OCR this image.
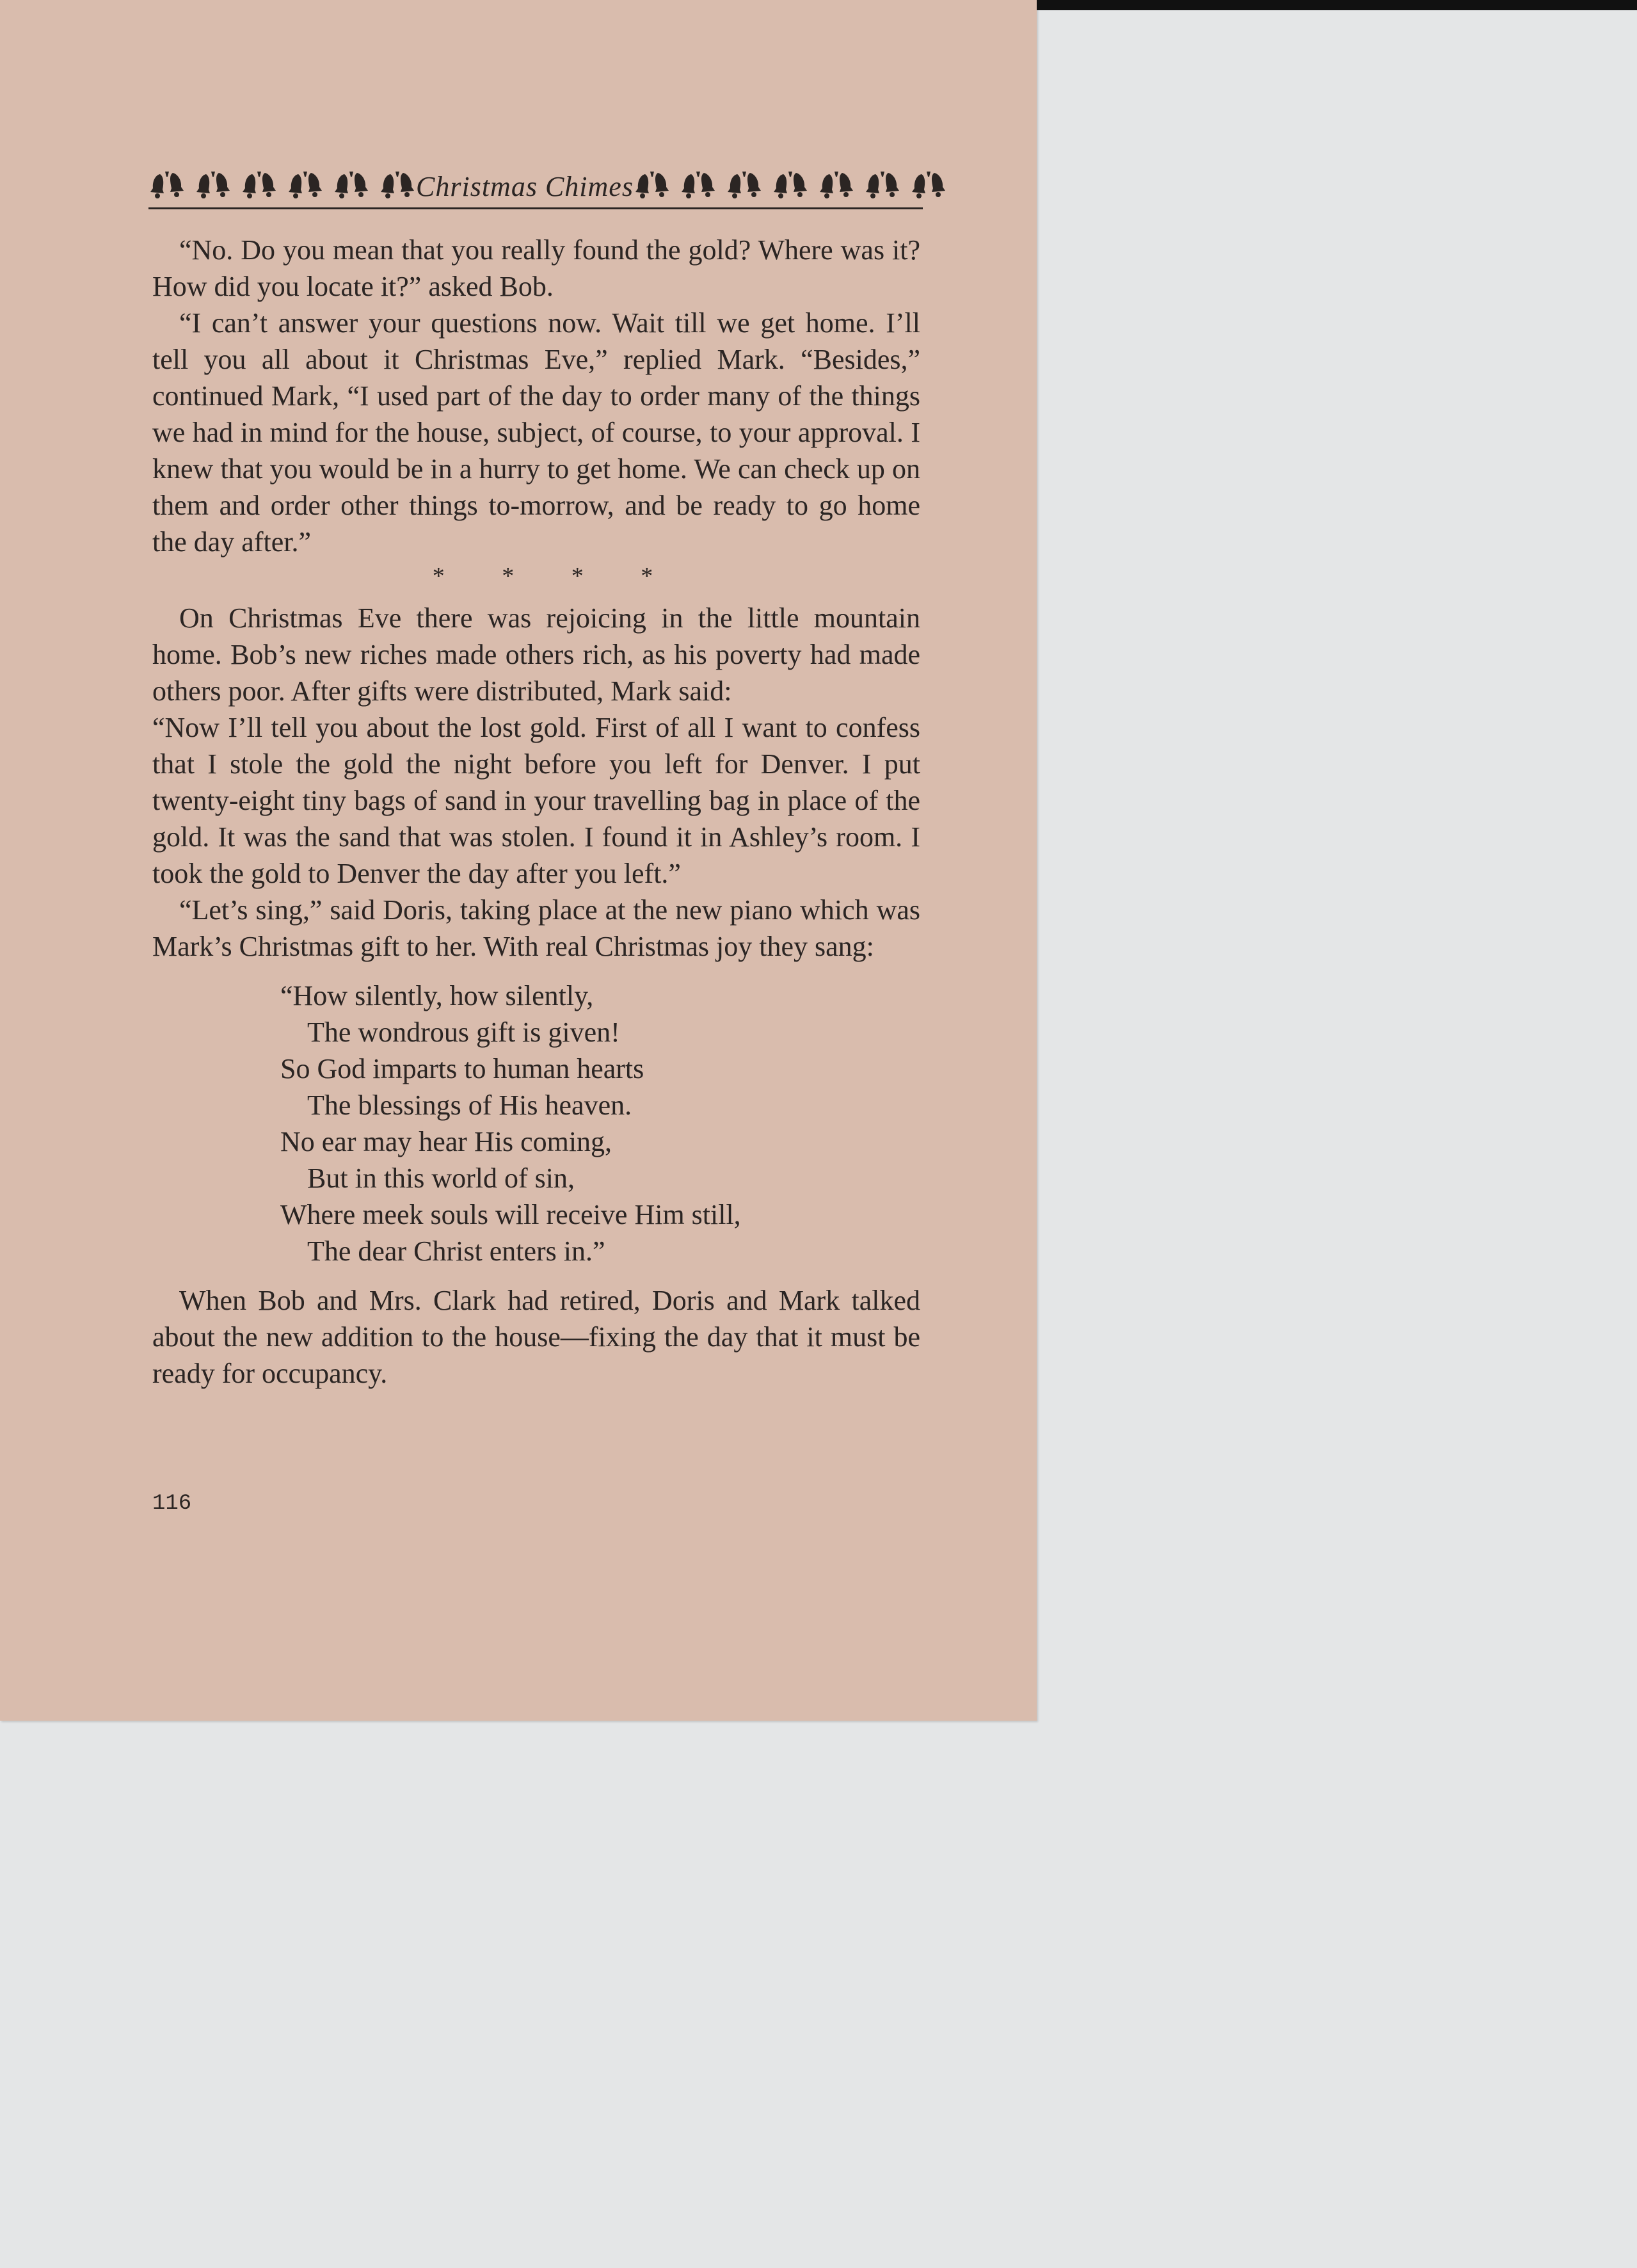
Christmas Chimes

“No. Do you mean that you really found the gold? Where was it? How did you locate it?” asked Bob.

“I can’t answer your questions now. Wait till we get home. I’ll tell you all about it Christmas Eve,” replied Mark. “Besides,” continued Mark, “I used part of the day to order many of the things we had in mind for the house, subject, of course, to your approval. I knew that you would be in a hurry to get home. We can check up on them and order other things to-morrow, and be ready to go home the day after.”

* * * *

On Christmas Eve there was rejoicing in the little mountain home. Bob’s new riches made others rich, as his poverty had made others poor. After gifts were distributed, Mark said:

“Now I’ll tell you about the lost gold. First of all I want to confess that I stole the gold the night before you left for Denver. I put twenty-eight tiny bags of sand in your travelling bag in place of the gold. It was the sand that was stolen. I found it in Ashley’s room. I took the gold to Denver the day after you left.”

“Let’s sing,” said Doris, taking place at the new piano which was Mark’s Christmas gift to her. With real Christmas joy they sang:

“How silently, how silently,
The wondrous gift is given!
So God imparts to human hearts
The blessings of His heaven.
No ear may hear His coming,
But in this world of sin,
Where meek souls will receive Him still,
The dear Christ enters in.”

When Bob and Mrs. Clark had retired, Doris and Mark talked about the new addition to the house—fixing the day that it must be ready for occupancy.

116
